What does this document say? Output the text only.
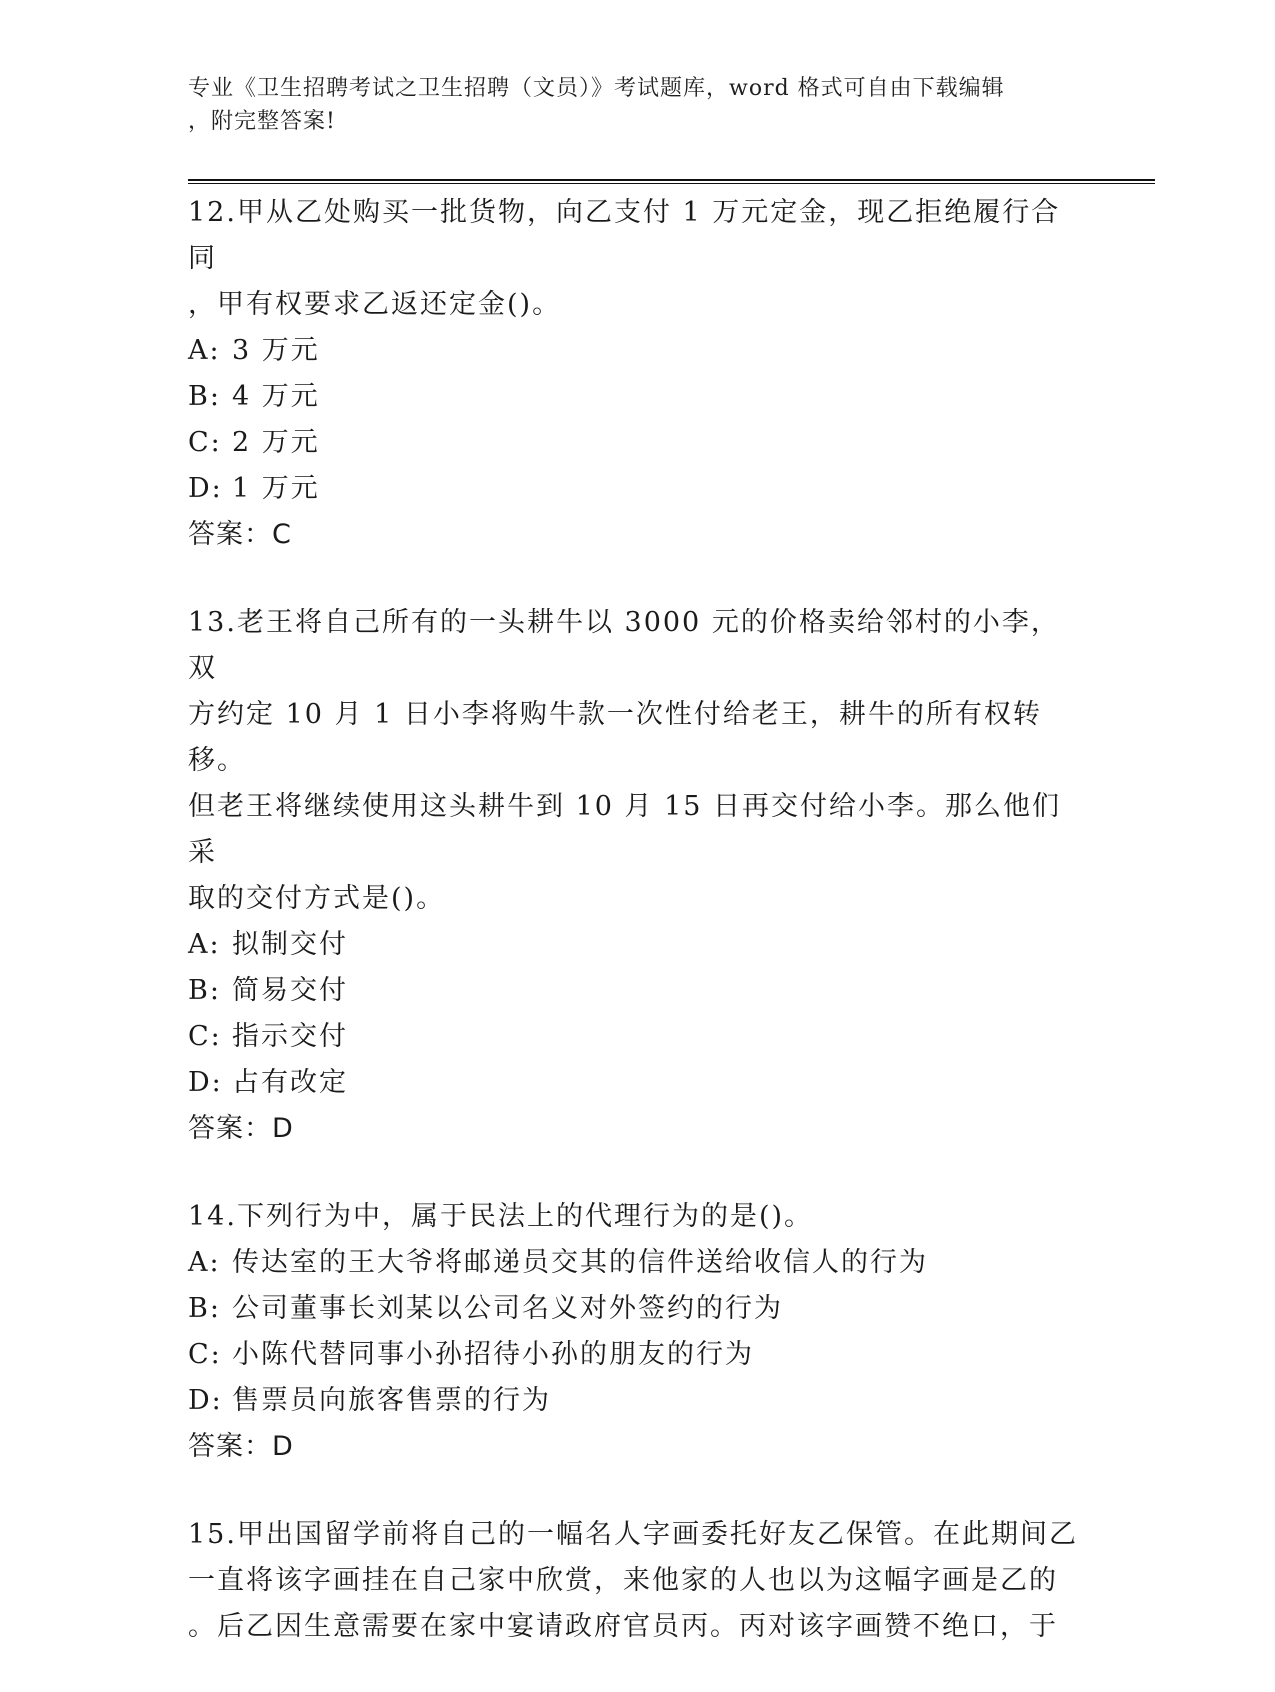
专业《卫生招聘考试之卫生招聘（文员）》考试题库，word 格式可自由下载编辑
，附完整答案!

12.甲从乙处购买一批货物，向乙支付 1 万元定金，现乙拒绝履行合同

，甲有权要求乙返还定金()。

A: 3 万元

B: 4 万元

C: 2 万元

D: 1 万元

答案：C

13.老王将自己所有的一头耕牛以 3000 元的价格卖给邻村的小李，双

方约定 10 月 1 日小李将购牛款一次性付给老王，耕牛的所有权转移。

但老王将继续使用这头耕牛到 10 月 15 日再交付给小李。那么他们采

取的交付方式是()。

A: 拟制交付

B: 简易交付

C: 指示交付

D: 占有改定

答案：D

14.下列行为中，属于民法上的代理行为的是()。

A: 传达室的王大爷将邮递员交其的信件送给收信人的行为

B: 公司董事长刘某以公司名义对外签约的行为

C: 小陈代替同事小孙招待小孙的朋友的行为

D: 售票员向旅客售票的行为

答案：D

15.甲出国留学前将自己的一幅名人字画委托好友乙保管。在此期间乙

一直将该字画挂在自己家中欣赏，来他家的人也以为这幅字画是乙的

。后乙因生意需要在家中宴请政府官员丙。丙对该字画赞不绝口，于
